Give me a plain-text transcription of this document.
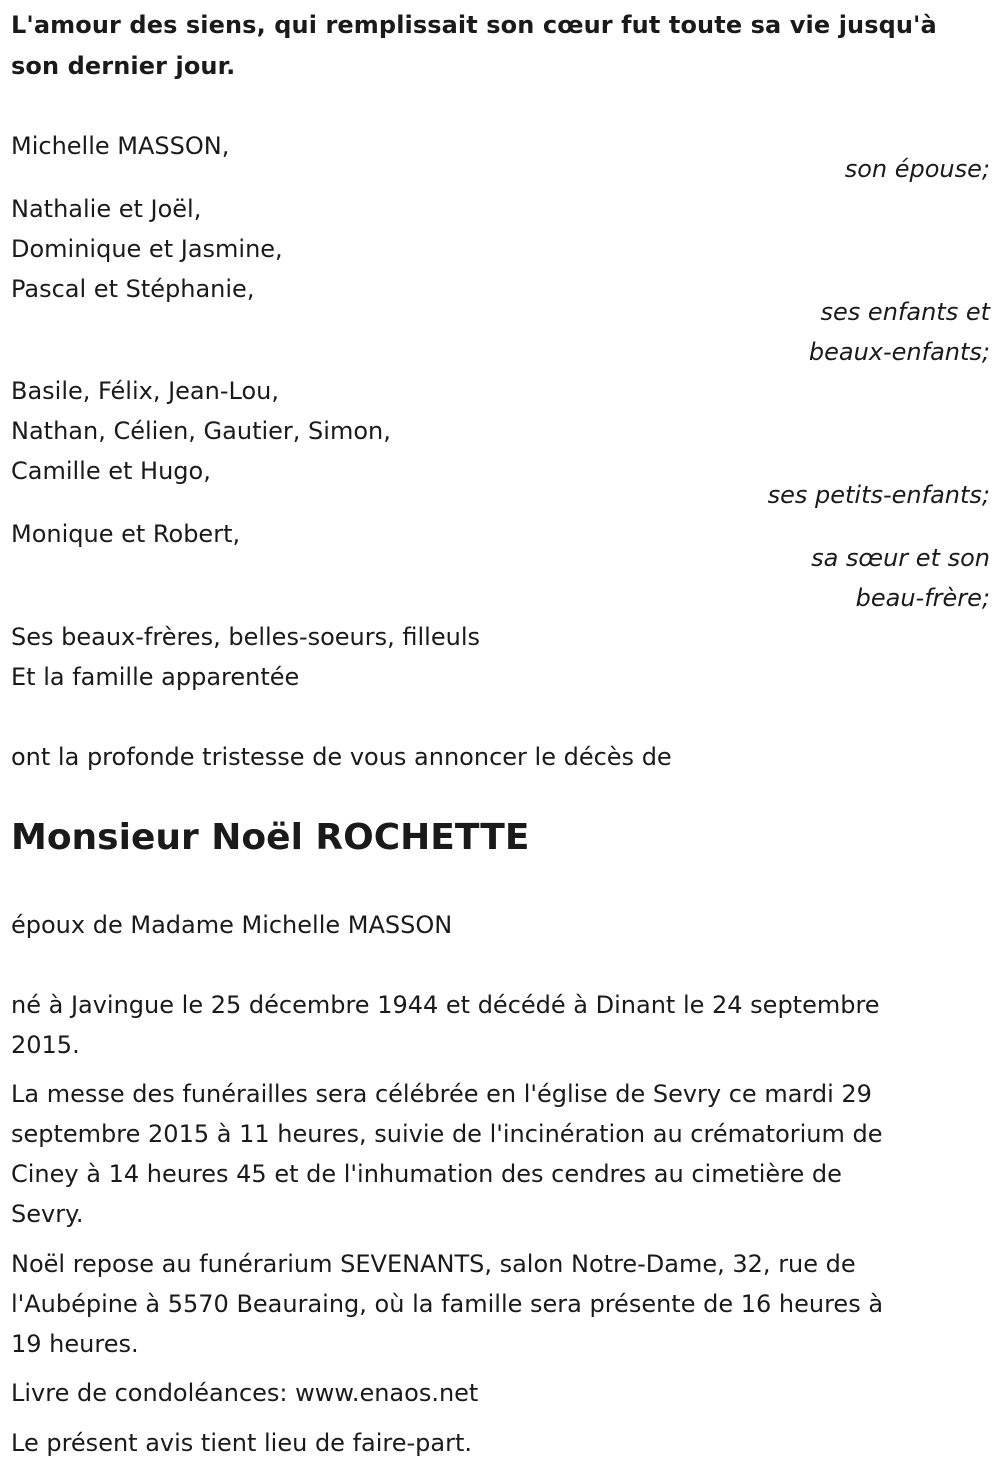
L'amour des siens, qui remplissait son cœur fut toute sa vie jusqu'à
son dernier jour.
Michelle MASSON,
son épouse;
Nathalie et Joël,
Dominique et Jasmine,
Pascal et Stéphanie,
ses enfants et
beaux-enfants;
Basile, Félix, Jean-Lou,
Nathan, Célien, Gautier, Simon,
Camille et Hugo,
ses petits-enfants;
Monique et Robert,
sa sœur et son
beau-frère;
Ses beaux-frères, belles-soeurs, filleuls
Et la famille apparentée
ont la profonde tristesse de vous annoncer le décès de
Monsieur Noël ROCHETTE
époux de Madame Michelle MASSON
né à Javingue le 25 décembre 1944 et décédé à Dinant le 24 septembre
2015.
La messe des funérailles sera célébrée en l'église de Sevry ce mardi 29
septembre 2015 à 11 heures, suivie de l'incinération au crématorium de
Ciney à 14 heures 45 et de l'inhumation des cendres au cimetière de
Sevry.
Noël repose au funérarium SEVENANTS, salon Notre-Dame, 32, rue de
l'Aubépine à 5570 Beauraing, où la famille sera présente de 16 heures à
19 heures.
Livre de condoléances: www.enaos.net
Le présent avis tient lieu de faire-part.
